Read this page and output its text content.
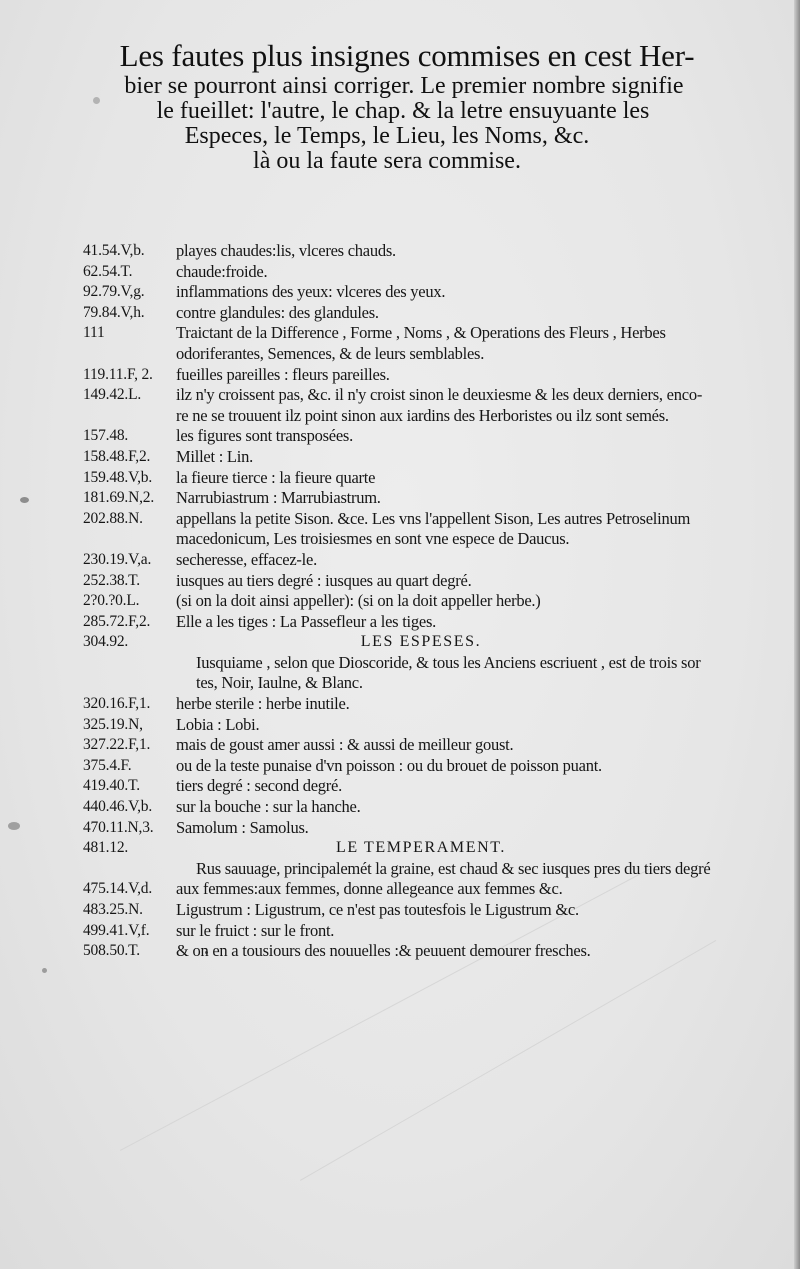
Les fautes plus insignes commises en cest Her-
bier se pourront ainsi corriger. Le premier nombre signifie
le fueillet: l'autre, le chap. & la letre ensuyuante les
Especes, le Temps, le Lieu, les Noms, &c.
là ou la faute sera commise.
41.54.V,b.	playes chaudes:lis, vlceres chauds.
62.54.T.	chaude:froide.
92.79.V,g.	inflammations des yeux: vlceres des yeux.
79.84.V,h.	contre glandules: des glandules.
111	Traictant de la Difference , Forme , Noms , & Operations des Fleurs , Herbes
odoriferantes, Semences, & de leurs semblables.
119.11.F, 2.	fueilles pareilles : fleurs pareilles.
149.42.L.	ilz n'y croissent pas, &c. il n'y croist sinon le deuxiesme & les deux derniers, enco-
re ne se trouuent ilz point sinon aux iardins des Herboristes ou ilz sont semés.
157.48.	les figures sont transposées.
158.48.F,2.	Millet : Lin.
159.48.V,b.	la fieure tierce : la fieure quarte
181.69.N,2.	Narrubiastrum : Marrubiastrum.
202.88.N.	appellans la petite Sison. &ce. Les vns l'appellent Sison, Les autres Petroselinum
macedonicum, Les troisiesmes en sont vne espece de Daucus.
230.19.V,a.	secheresse, effacez-le.
252.38.T.	iusques au tiers degré : iusques au quart degré.
2?0.?0.L.	(si on la doit ainsi appeller): (si on la doit appeller herbe.)
285.72.F,2.	Elle a les tiges : La Passefleur a les tiges.
304.92.	LES ESPESES.
Iusquiame , selon que Dioscoride, & tous les Anciens escriuent , est de trois sor
tes, Noir, Iaulne, & Blanc.
320.16.F,1.	herbe sterile : herbe inutile.
325.19.N,	Lobia : Lobi.
327.22.F,1.	mais de goust amer aussi : & aussi de meilleur goust.
375.4.F.	ou de la teste punaise d'vn poisson : ou du brouet de poisson puant.
419.40.T.	tiers degré : second degré.
440.46.V,b.	sur la bouche : sur la hanche.
470.11.N,3.	Samolum : Samolus.
481.12.	LE TEMPERAMENT.
Rus sauuage, principalemét la graine, est chaud & sec iusques pres du tiers degré
475.14.V,d.	aux femmes:aux femmes, donne allegeance aux femmes &c.
483.25.N.	Ligustrum : Ligustrum, ce n'est pas toutesfois le Ligustrum &c.
499.41.V,f.	sur le fruict : sur le front.
508.50.T.	& on en a tousiours des nouuelles :& peuuent demourer fresches.
